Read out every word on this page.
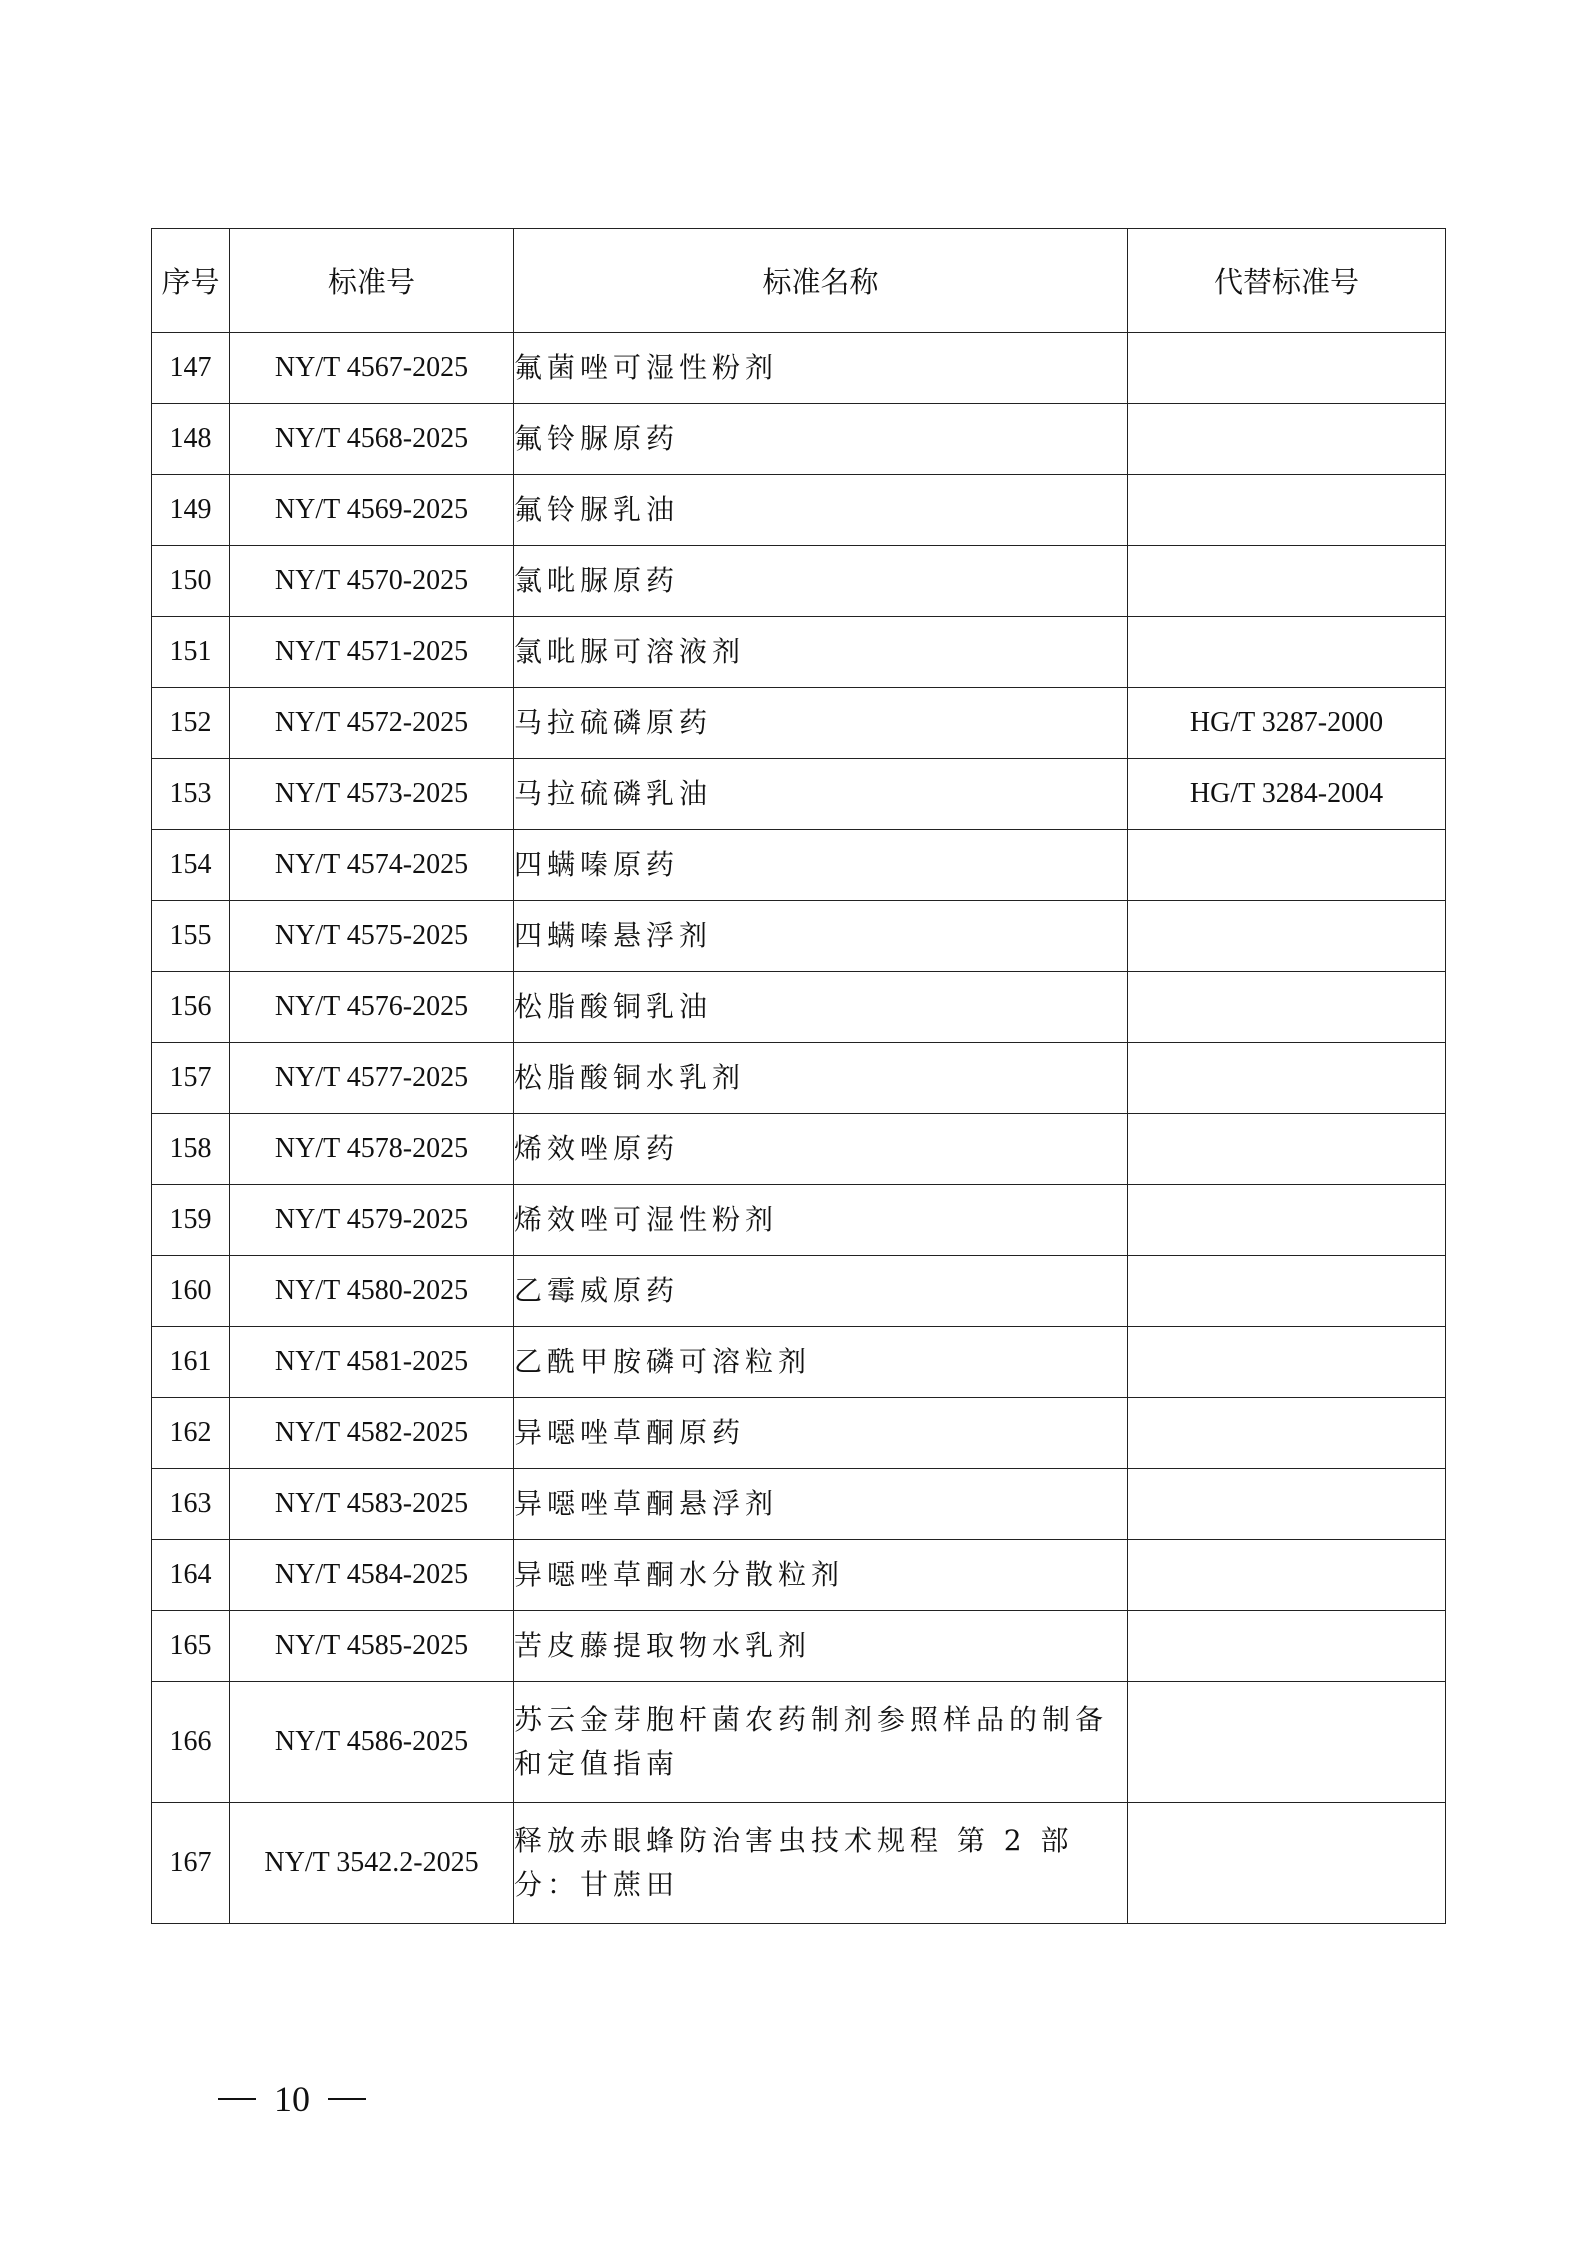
序号	标准号	标准名称	代替标准号
147	NY/T 4567-2025	氟菌唑可湿性粉剂	
148	NY/T 4568-2025	氟铃脲原药	
149	NY/T 4569-2025	氟铃脲乳油	
150	NY/T 4570-2025	氯吡脲原药	
151	NY/T 4571-2025	氯吡脲可溶液剂	
152	NY/T 4572-2025	马拉硫磷原药	HG/T 3287-2000
153	NY/T 4573-2025	马拉硫磷乳油	HG/T 3284-2004
154	NY/T 4574-2025	四螨嗪原药	
155	NY/T 4575-2025	四螨嗪悬浮剂	
156	NY/T 4576-2025	松脂酸铜乳油	
157	NY/T 4577-2025	松脂酸铜水乳剂	
158	NY/T 4578-2025	烯效唑原药	
159	NY/T 4579-2025	烯效唑可湿性粉剂	
160	NY/T 4580-2025	乙霉威原药	
161	NY/T 4581-2025	乙酰甲胺磷可溶粒剂	
162	NY/T 4582-2025	异噁唑草酮原药	
163	NY/T 4583-2025	异噁唑草酮悬浮剂	
164	NY/T 4584-2025	异噁唑草酮水分散粒剂	
165	NY/T 4585-2025	苦皮藤提取物水乳剂	
166	NY/T 4586-2025	苏云金芽胞杆菌农药制剂参照样品的制备和定值指南	
167	NY/T 3542.2-2025	释放赤眼蜂防治害虫技术规程 第 2 部分：甘蔗田	
10
